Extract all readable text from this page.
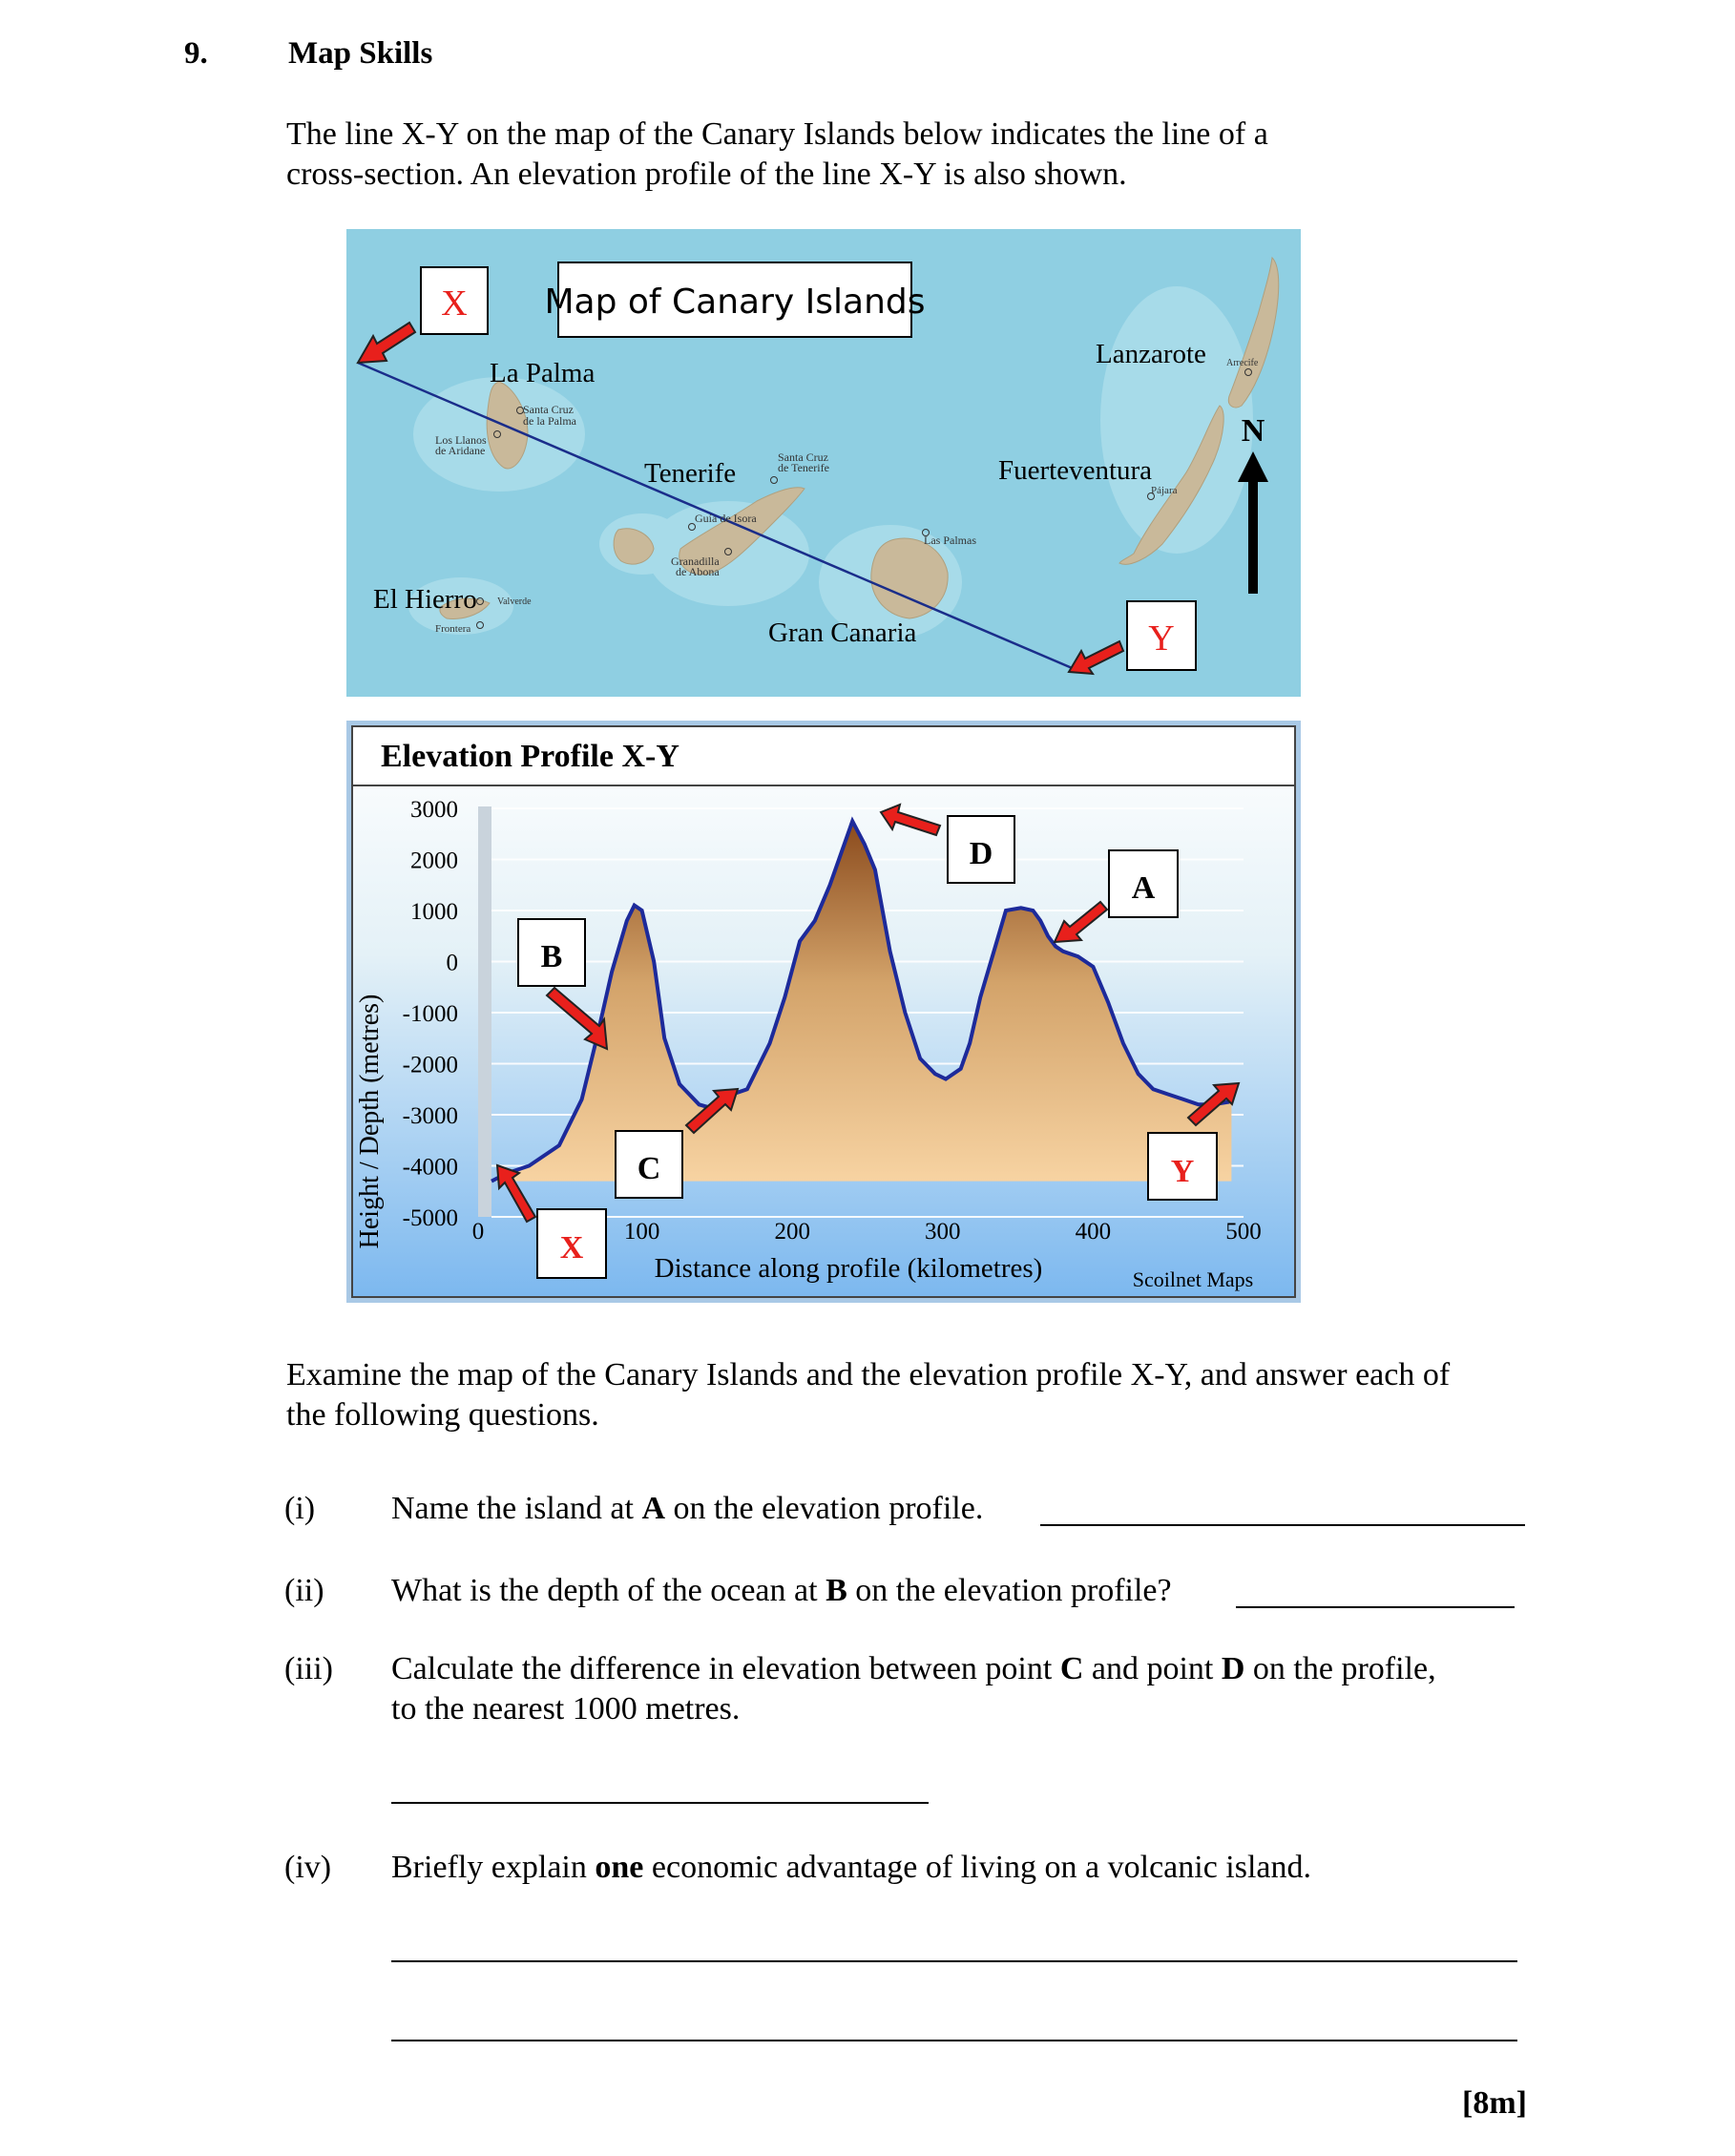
9.	Map Skills
The line X-Y on the map of the Canary Islands below indicates the line of a
cross-section. An elevation profile of the line X-Y is also shown.
Map of Canary Islands
X
Y
N
La Palma
Tenerife
Lanzarote
Fuerteventura
El Hierro
Gran Canaria
Santa Cruz
de la Palma
Los Llanos
de Aridane	Santa Cruz
de Tenerife
Guía de Isora
Granadilla
de Abona
Las Palmas
Arrecife
Pájara
Valverde
Frontera
Elevation Profile X-Y
3000
2000
1000
0
-1000
-2000
-3000
-4000
-5000
0	100	200	300	400	500
Height / Depth (metres)
Distance along profile (kilometres)	Scoilnet Maps
D
A
B
C	Y
X
Examine the map of the Canary Islands and the elevation profile X-Y, and answer each of
the following questions.
(i) Name the island at A on the elevation profile.
(ii) What is the depth of the ocean at B on the elevation profile?
(iii) Calculate the difference in elevation between point C and point D on the profile,
to the nearest 1000 metres.
(iv) Briefly explain one economic advantage of living on a volcanic island.
[8m]
